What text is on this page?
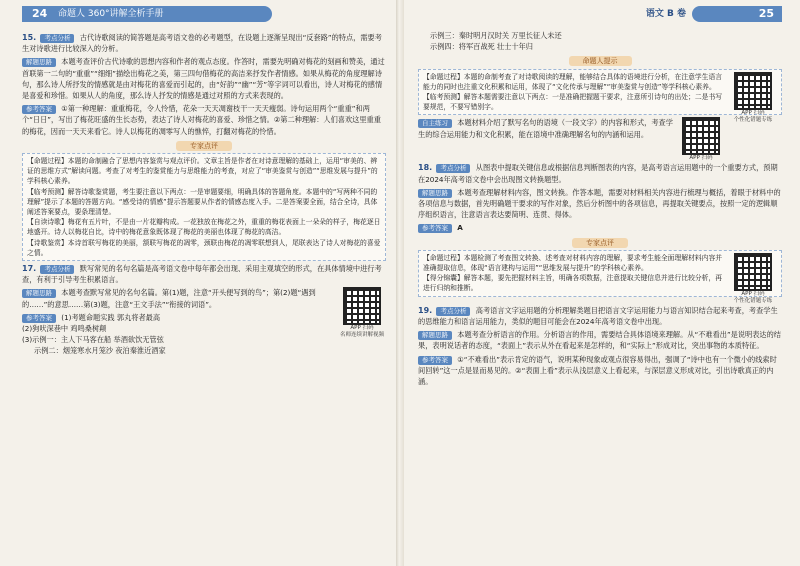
24 命题人 360°讲解全析手册
15. 考点分析 古代诗歌阅读的简答题是高考语文卷的必考题型，在设题上逐渐呈现出“反套路”的特点，需要考生对诗歌进行比较深入的分析。
解题思路 本题考查评价古代诗歌的思想内容和作者的观点态度。作答时，需要先明确对梅花的刻画和赞美，通过首联第一二句的“重重”“细细”描绘出梅花之美，第三四句借梅花的高洁来抒发作者情感。如果从梅花的角度理解诗句，那么诗人所抒发的情感就是由对梅花的喜爱而引起的，由“好韵”“幽”“芳”等字词可以看出，诗人对梅花的感情是喜爱和珍惜。如果从人的角度，那么诗人抒发的情感是通过对照的方式来表现的。
参考答案 ①第一种理解：重重梅花，令人怜惜，花朵一天天凋谢枝干一天天瘦弱。诗句运用两个“重重”和两个“日日”，写出了梅花旺盛的生长态势，表达了诗人对梅花的喜爱、珍惜之情。②第二种理解：人们喜欢这里重重的梅花，因而一天天来看它。诗人以梅花的凋零写人的憔悴，打翻对梅花的怜惜。
专家点评

【命题过程】本题的命制融合了思想内容鉴赏与观点评价。文章主旨是作者在对诗意理解的基础上，运用“审美的、辨证的思维方式”解读问题。考查了对考生的鉴赏能力与思维能力的考查，对应了“审美鉴赏与创造”“思维发展与提升”的学科核心素养。

【临考预测】解答诗歌鉴赏题，考生要注意以下两点：一是审题要细，明确具体的答题角度。本题中的“写两种不同的理解”提示了本题的答题方向。“感受诗的情感”提示答题要从作者的情感态度入手。二是答案要全面，结合全诗，具体阐述答案要点，要条理清楚。

【自读诗歌】梅花有五片叶，不是由一片花瓣构成。一花独放在梅花之外，重重的梅花表面上一朵朵的样子，梅花逐日地盛开。诗人以梅花自比，诗中的梅花意象既体现了梅花的美丽也体现了梅花的高洁。

【诗歌鉴赏】本诗首联写梅花的美丽，颔联写梅花的凋零，颈联由梅花的凋零联想到人，尾联表达了诗人对梅花的喜爱之情。

17. 考点分析 默写常见的名句名篇是高考语文卷中每年都会出现、采用主观填空的形式，在具体情境中进行考查，有利于引导考生积累语言。
APP 扫码
名师连续讲解视频
解题思路 本题考查默写常见的名句名篇。第(1)题，注意“开头便写到的鸟”；第(2)题“遇到的……”的意思……第(3)题，注意“王文手法”“衔接的词语”。
参考答案 (1)考题命题实践 郭丸将者最高
(2)狗吠深巷中 鸡鸣桑树颠
(3)示例一：主人下马客在船 举酒欲饮无管弦
示例二：烟笼寒水月笼沙 夜泊秦淮近酒家
语文 B 卷	25
示例三：秦时明月汉时关 万里长征人未还
示例四：将军百战死 壮士十年归
命题人提示
APP 扫码
个性化错题专练

【命题过程】本题的命制考查了对诗歌阅读的理解，能够结合具体的语境进行分析，在注意学生语言能力的同时也注重文化积累和运用，体现了“文化传承与理解”“审美鉴赏与创造”等学科核心素养。

【临考预测】解答本题需要注意以下两点：一是准确把握题干要求，注意所引诗句的出处；二是书写要规范，不要写错别字。

APP 扫码
自主练习 本题材料介绍了默写名句的语境（一段文字）的内容和形式，考查学生的综合运用能力和文化积累，能在语境中准确理解名句的内涵和运用。
18. 考点分析 从图表中提取关键信息或根据信息判断图表的内容，是高考语言运用题中的一个重要方式，预期在2024年高考语文卷中会出现图文转换题型。
解题思路 本题考查理解材料内容，图文转换。作答本题，需要对材料相关内容进行梳理与概括，着眼于材料中的各项信息与数据，首先明确题干要求的写作对象，然后分析图中的各项信息，再提取关键要点，按照一定的逻辑顺序组织语言，注意语言表达要简明、连贯、得体。
参考答案 A
专家点评
APP 扫码
个性化错题专练

【命题过程】本题检测了考查图文转换、述考查对材料内容的理解，要求考生能全面理解材料内容并准确提取信息，体现“语言建构与运用”“思维发展与提升”的学科核心素养。

【得分锦囊】解答本题，要先把握材料主旨，明确各项数据，注意提取关键信息并进行比较分析，再进行归纳和推断。

19. 考点分析 高考语言文字运用题的分析理解类题目把语言文字运用能力与语言知识结合起来考查，考查学生的思维能力和语言运用能力，类似的题目可能会在2024年高考语文卷中出现。
解题思路 本题考查分析语言的作用。分析语言的作用，需要结合具体语境来理解。从“不难看出”是说明表达的结果，表明说话者的态度，“表面上”表示从外在看起来是怎样的，和“实际上”形成对比，突出事物的本质特征。
参考答案 ①“不难看出”表示肯定的语气，说明某种现象或观点很容易得出，强调了“诗中也有一个微小的线索时间回转”这一点是显而易见的。②“表面上看”表示从浅层意义上看起来，与深层意义形成对比，引出诗歌真正的内涵。
